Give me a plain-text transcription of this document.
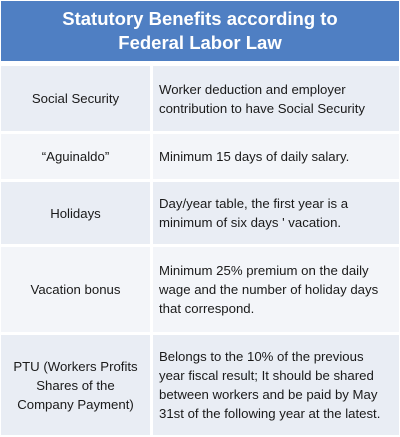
Statutory Benefits according to Federal Labor Law
Social Security
Worker deduction and employer contribution to have Social Security
“Aguinaldo”	Minimum 15 days of daily salary.
Holidays
Day/year table, the first year is a minimum of six days ' vacation.
Vacation bonus
Minimum 25% premium on the daily wage and the number of holiday days that correspond.
PTU (Workers Profits Shares of the Company Payment)
Belongs to the 10% of the previous year fiscal result; It should be shared between workers and be paid by May 31st of the following year at the latest.
